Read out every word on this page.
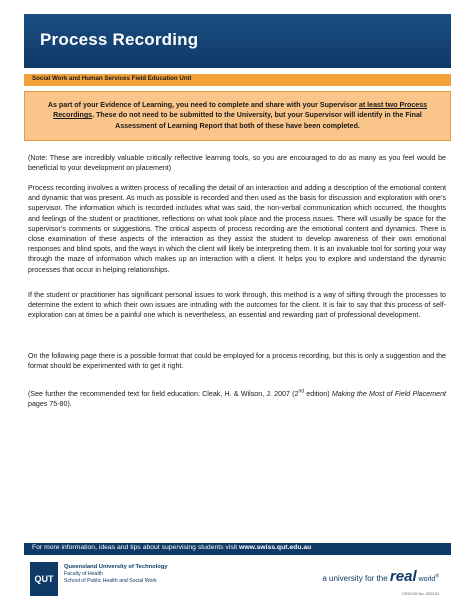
Process Recording
Social Work and Human Services Field Education Unit

As part of your Evidence of Learning, you need to complete and share with your Supervisor at least two Process Recordings. These do not need to be submitted to the University, but your Supervisor will identify in the Final Assessment of Learning Report that both of these have been completed.

(Note: These are incredibly valuable critically reflective learning tools, so you are encouraged to do as many as you feel would be beneficial to your development on placement)

Process recording involves a written process of recalling the detail of an interaction and adding a description of the emotional content and dynamic that was present. As much as possible is recorded and then used as the basis for discussion and exploration with one’s supervisor. The information which is recorded includes what was said, the non-verbal communication which occurred, the thoughts and feelings of the student or practitioner, reflections on what took place and the process issues. There will usually be space for the supervisor’s comments or suggestions. The critical aspects of process recording are the emotional content and dynamics. There is close examination of these aspects of the interaction as they assist the student to develop awareness of their own emotional responses and blind spots, and the ways in which the client will likely be interpreting them. It is an invaluable tool for sorting your way through the maze of information which makes up an interaction with a client. It helps you to explore and understand the dynamic processes that occur in helping relationships.

If the student or practitioner has significant personal issues to work through, this method is a way of sifting through the processes to determine the extent to which their own issues are intruding with the outcomes for the client. It is fair to say that this process of self-exploration can at times be a painful one which is nevertheless, an essential and rewarding part of professional development.

On the following page there is a possible format that could be employed for a process recording, but this is only a suggestion and the format should be experimented with to get it right.

(See further the recommended text for field education: Cleak, H. & Wilson, J. 2007 (2nd edition) Making the Most of Field Placement pages 75-80).

For more information, ideas and tips about supervising students visit www.swiss.qut.edu.au
QUT
Queensland University of Technology
Faculty of Health
School of Public Health and Social Work	a university for the real world®
CRICOS No. 00213J
